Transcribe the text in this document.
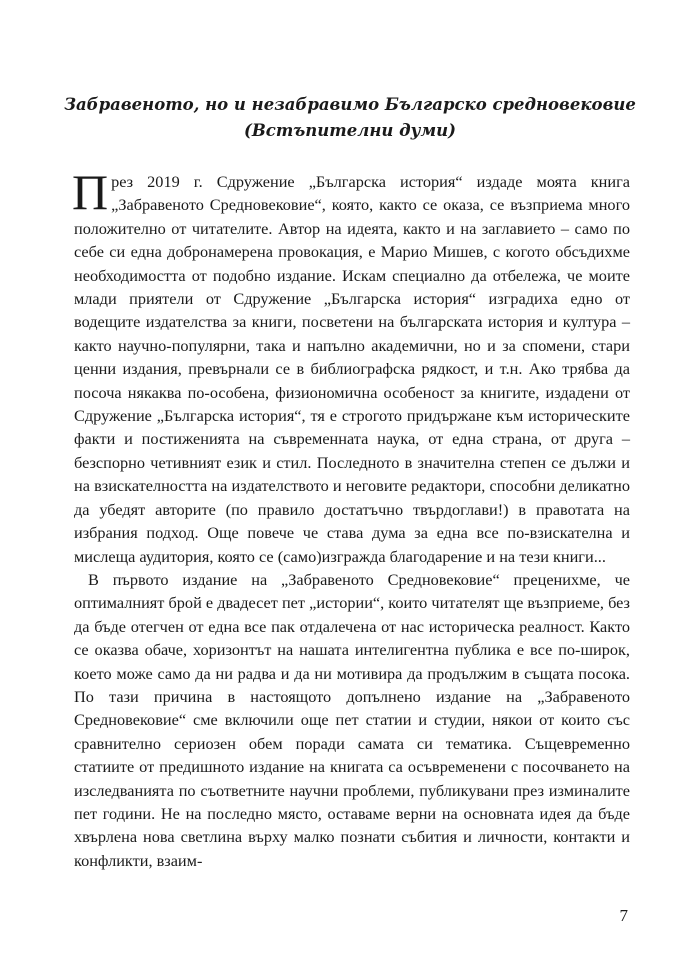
Забравеното, но и незабравимо Българско средновековие
(Встъпителни думи)

През 2019 г. Сдружение „Българска история“ издаде моята книга „Забравеното Средновековие“, която, както се оказа, се възприема много положително от читателите. Автор на идеята, както и на заглавието – само по себе си една добронамерена провокация, е Марио Мишев, с когото обсъдихме необходимостта от подобно издание. Искам специално да отбележа, че моите млади приятели от Сдружение „Българска история“ изградиха едно от водещите издателства за книги, посветени на българската история и култура – както научно-популярни, така и напълно академични, но и за спомени, стари ценни издания, превърнали се в библиографска рядкост, и т.н. Ако трябва да посоча някаква по-особена, физиономична особеност за книгите, издадени от Сдружение „Българска история“, тя е строгото придържане към историческите факти и постиженията на съвременната наука, от една страна, от друга – безспорно четивният език и стил. Последното в значителна степен се дължи и на взискателността на издателството и неговите редактори, способни деликатно да убедят авторите (по правило достатъчно твърдоглави!) в правотата на избрания подход. Още повече че става дума за една все по-взискателна и мислеща аудитория, която се (само)изгражда благодарение и на тези книги...

В първото издание на „Забравеното Средновековие“ прецениxме, че оптималният брой е двадесет пет „истории“, които читателят ще възприеме, без да бъде отегчен от една все пак отдалечена от нас историческа реалност. Както се оказва обаче, хоризонтът на нашата интелигентна публика е все по-широк, което може само да ни радва и да ни мотивира да продължим в същата посока. По тази причина в настоящото допълнено издание на „Забравеното Средновековие“ сме включили още пет статии и студии, някои от които със сравнително сериозен обем поради самата си тематика. Същевременно статиите от предишното издание на книгата са осъвременени с посочването на изследванията по съответните научни проблеми, публикувани през изминалите пет години. Не на последно място, оставаме верни на основната идея да бъде хвърлена нова светлина върху малко познати събития и личности, контакти и конфликти, взаим-

7
